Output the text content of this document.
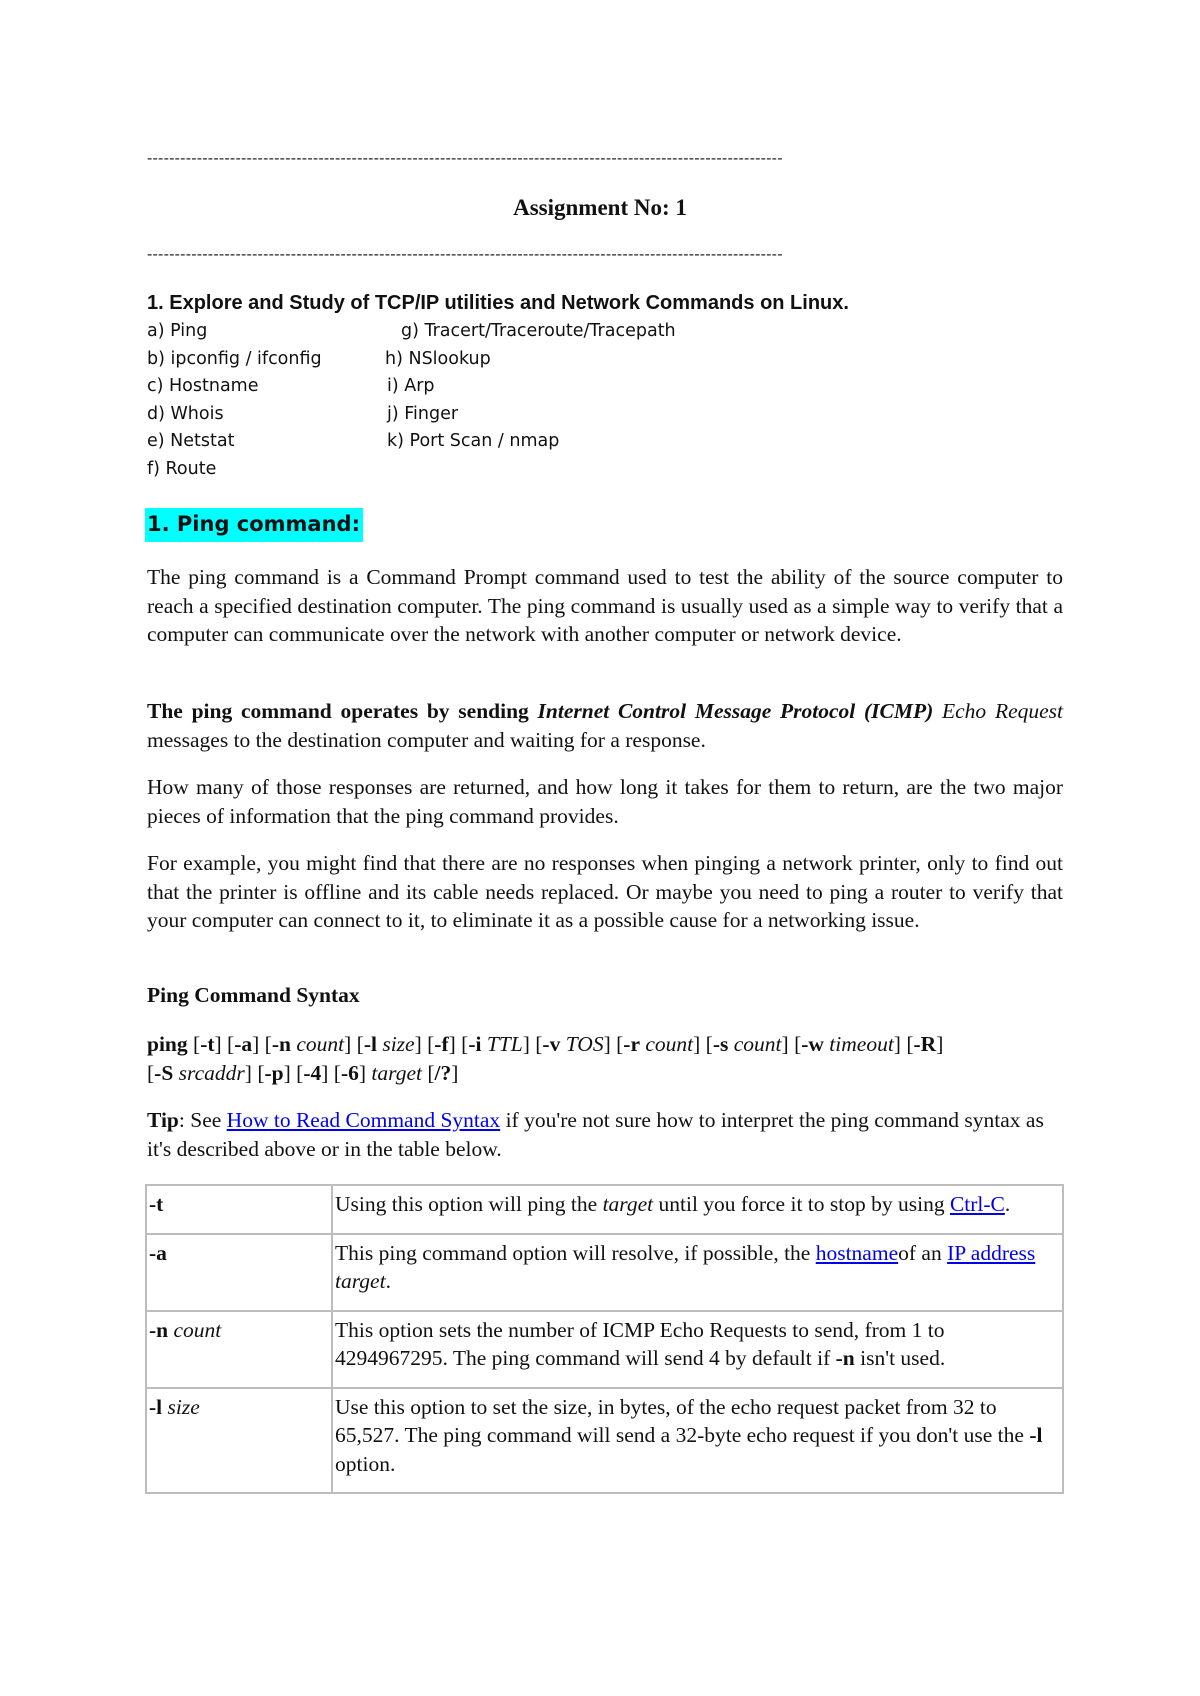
-------------------------------------------------------------------------------------------------------------------
Assignment No: 1
-------------------------------------------------------------------------------------------------------------------
1. Explore and Study of TCP/IP utilities and Network Commands on Linux.
a) Ping	g) Tracert/Traceroute/Tracepath
b) ipconfig / ifconfig	h) NSlookup
c) Hostname	i) Arp
d) Whois	j) Finger
e) Netstat	k) Port Scan / nmap
f) Route
1. Ping command:
The ping command is a Command Prompt command used to test the ability of the source computer to reach a specified destination computer. The ping command is usually used as a simple way to verify that a computer can communicate over the network with another computer or network device.
The ping command operates by sending Internet Control Message Protocol (ICMP) Echo Request messages to the destination computer and waiting for a response.
How many of those responses are returned, and how long it takes for them to return, are the two major pieces of information that the ping command provides.
For example, you might find that there are no responses when pinging a network printer, only to find out that the printer is offline and its cable needs replaced. Or maybe you need to ping a router to verify that your computer can connect to it, to eliminate it as a possible cause for a networking issue.
Ping Command Syntax
ping [-t] [-a] [-n count] [-l size] [-f] [-i TTL] [-v TOS] [-r count] [-s count] [-w timeout] [-R]
[-S srcaddr] [-p] [-4] [-6] target [/?]
Tip: See How to Read Command Syntax if you're not sure how to interpret the ping command syntax as it's described above or in the table below.
-t	Using this option will ping the target until you force it to stop by using Ctrl-C.
-a	This ping command option will resolve, if possible, the hostnameof an IP address target.
-n count	This option sets the number of ICMP Echo Requests to send, from 1 to 4294967295. The ping command will send 4 by default if -n isn't used.
-l size	Use this option to set the size, in bytes, of the echo request packet from 32 to 65,527. The ping command will send a 32-byte echo request if you don't use the -l option.
